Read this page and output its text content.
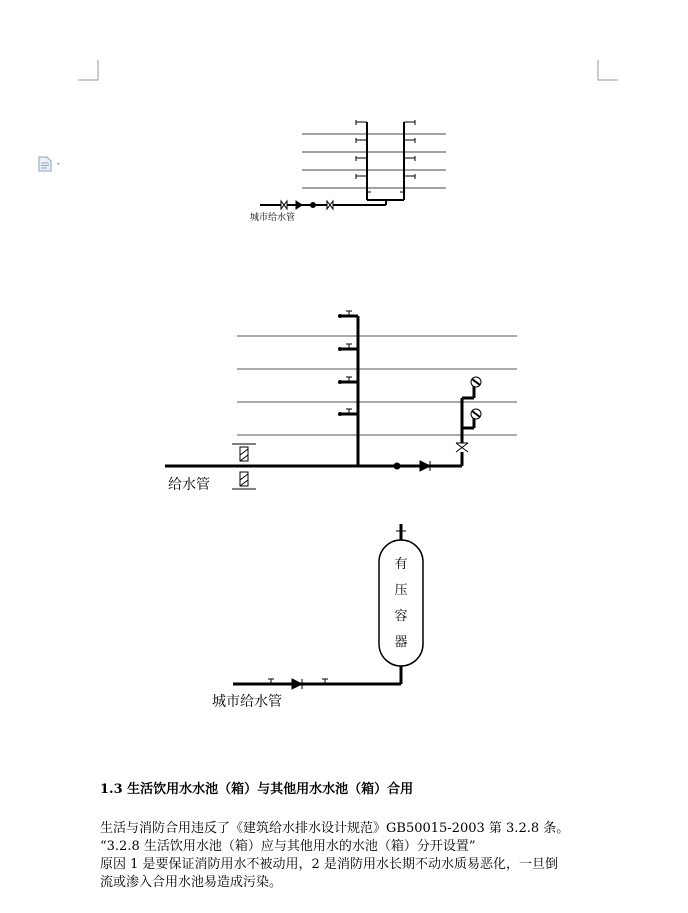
城市给水管
给水管
有
压
容
器
城市给水管
1.3 生活饮用水水池（箱）与其他用水水池（箱）合用
生活与消防合用违反了《建筑给水排水设计规范》GB50015-2003 第 3.2.8 条。
“3.2.8 生活饮用水池（箱）应与其他用水的水池（箱）分开设置”
原因 1 是要保证消防用水不被动用，2 是消防用水长期不动水质易恶化，一旦倒
流或渗入合用水池易造成污染。
